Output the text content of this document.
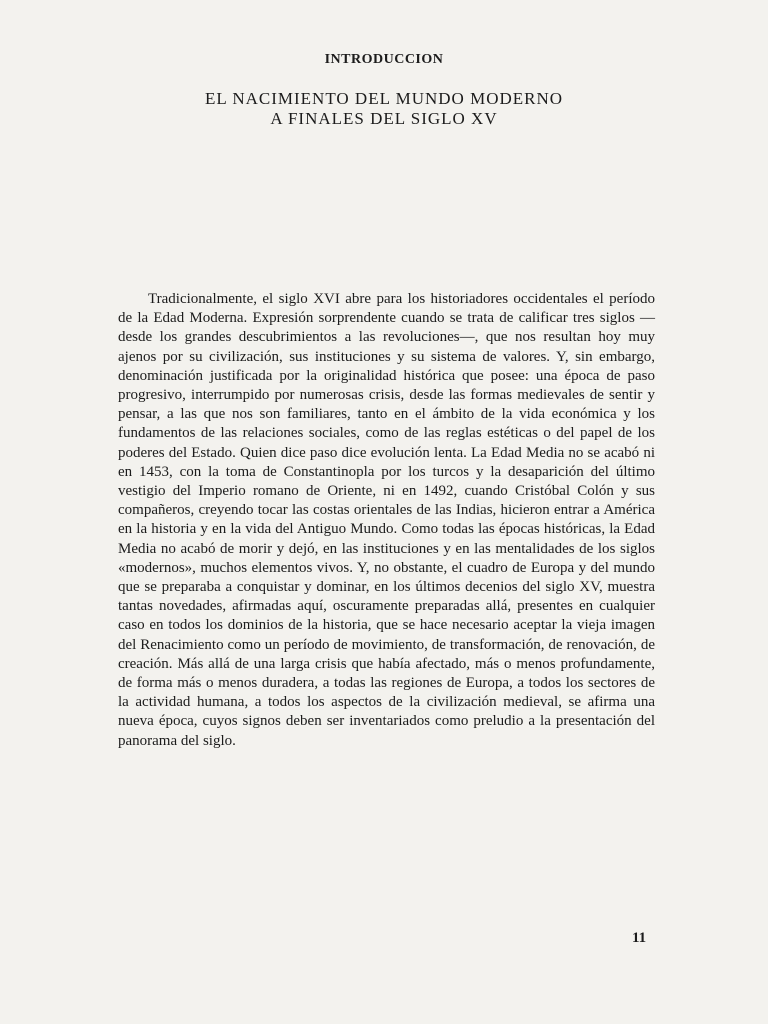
INTRODUCCION
EL NACIMIENTO DEL MUNDO MODERNO
A FINALES DEL SIGLO XV

Tradicionalmente, el siglo XVI abre para los historiadores occidentales el período de la Edad Moderna. Expresión sorprendente cuando se trata de calificar tres siglos —desde los grandes descubrimientos a las revoluciones—, que nos resultan hoy muy ajenos por su civilización, sus instituciones y su sistema de valores. Y, sin embargo, denominación justificada por la originalidad histórica que posee: una época de paso progresivo, interrumpido por numerosas crisis, desde las formas medievales de sentir y pensar, a las que nos son familiares, tanto en el ámbito de la vida económica y los fundamentos de las relaciones sociales, como de las reglas estéticas o del papel de los poderes del Estado. Quien dice paso dice evolución lenta. La Edad Media no se acabó ni en 1453, con la toma de Constantinopla por los turcos y la desaparición del último vestigio del Imperio romano de Oriente, ni en 1492, cuando Cristóbal Colón y sus compañeros, creyendo tocar las costas orientales de las Indias, hicieron entrar a América en la historia y en la vida del Antiguo Mundo. Como todas las épocas históricas, la Edad Media no acabó de morir y dejó, en las instituciones y en las mentalidades de los siglos «modernos», muchos elementos vivos. Y, no obstante, el cuadro de Europa y del mundo que se preparaba a conquistar y dominar, en los últimos decenios del siglo XV, muestra tantas novedades, afirmadas aquí, oscuramente preparadas allá, presentes en cualquier caso en todos los dominios de la historia, que se hace necesario aceptar la vieja imagen del Renacimiento como un período de movimiento, de transformación, de renovación, de creación. Más allá de una larga crisis que había afectado, más o menos profundamente, de forma más o menos duradera, a todas las regiones de Europa, a todos los sectores de la actividad humana, a todos los aspectos de la civilización medieval, se afirma una nueva época, cuyos signos deben ser inventariados como preludio a la presentación del panorama del siglo.

11
